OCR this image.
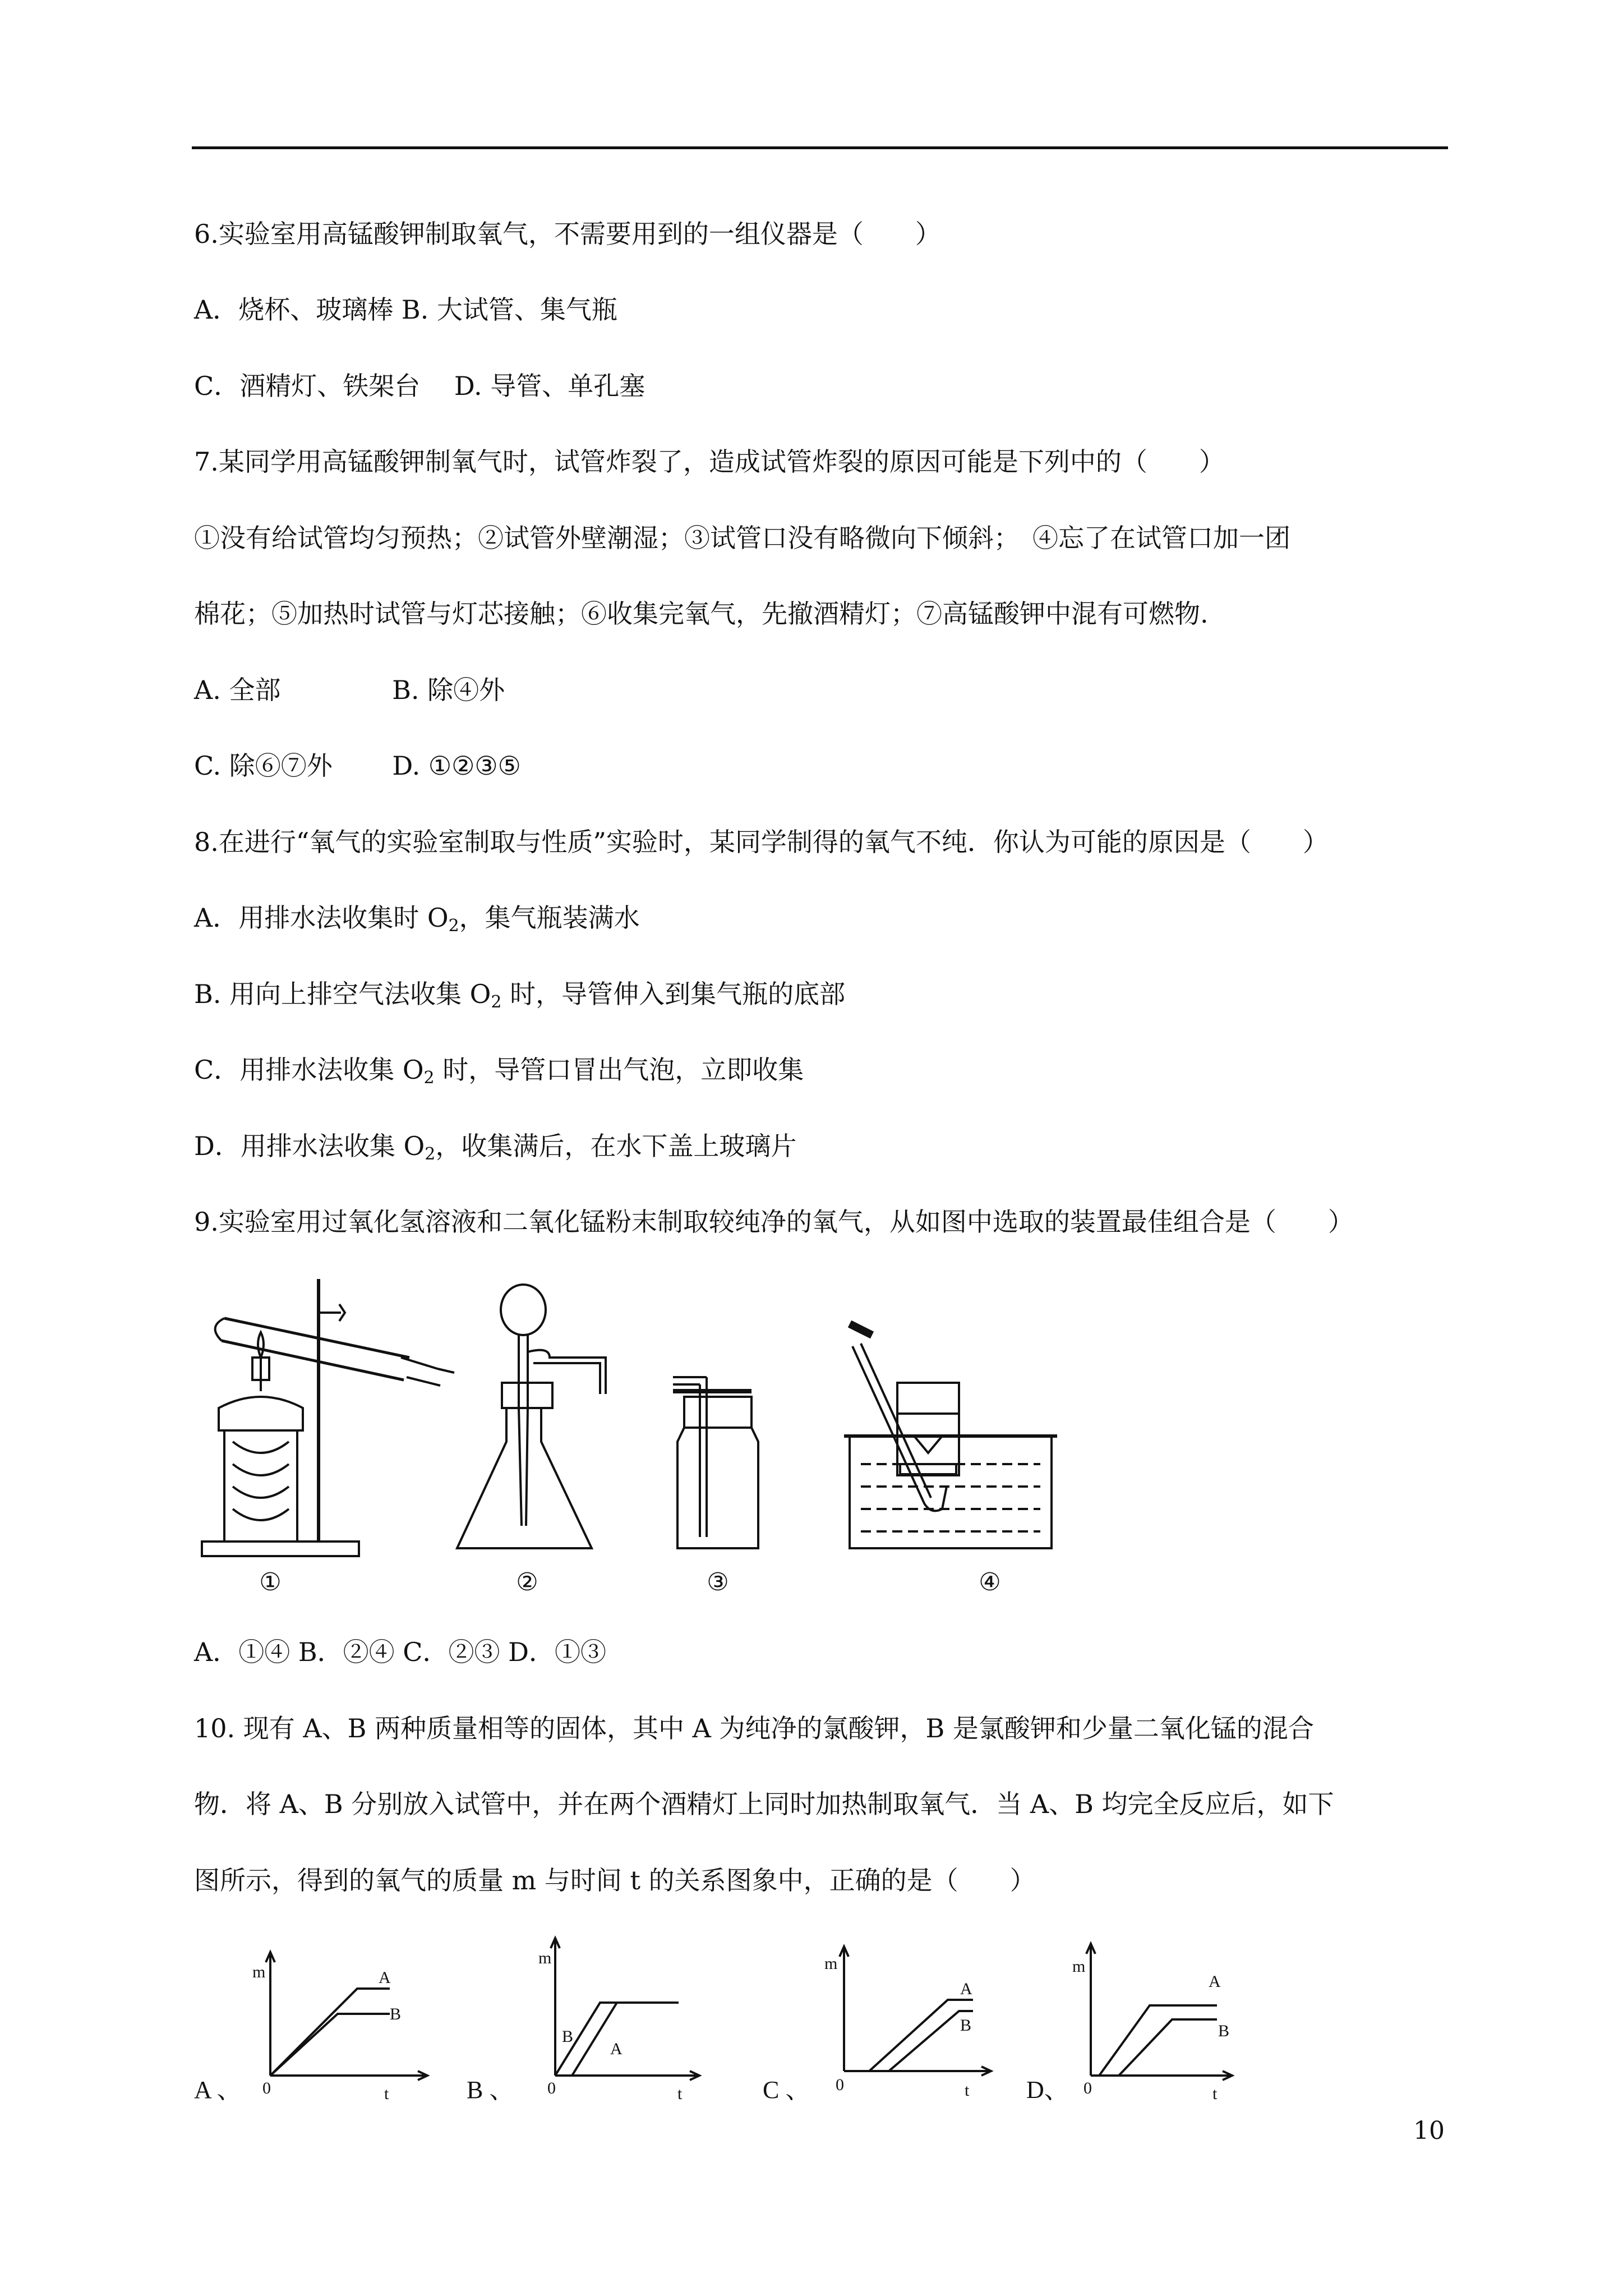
6.实验室用高锰酸钾制取氧气，不需要用到的一组仪器是（　　）
A．烧杯、玻璃棒 B. 大试管、集气瓶
C．酒精灯、铁架台　 D. 导管、单孔塞
7.某同学用高锰酸钾制氧气时，试管炸裂了，造成试管炸裂的原因可能是下列中的（　　）
①没有给试管均匀预热；②试管外壁潮湿；③试管口没有略微向下倾斜；　④忘了在试管口加一团
棉花；⑤加热时试管与灯芯接触；⑥收集完氧气，先撤酒精灯；⑦高锰酸钾中混有可燃物.
A. 全部　　　　 B. 除④外
C. 除⑥⑦外　　 D. ①②③⑤
8.在进行“氧气的实验室制取与性质”实验时，某同学制得的氧气不纯．你认为可能的原因是（　　）
A．用排水法收集时 $O_2$，集气瓶装满水
B. 用向上排空气法收集 $O_2$ 时，导管伸入到集气瓶的底部
C．用排水法收集 $O_2$ 时，导管口冒出气泡，立即收集
D．用排水法收集 $O_2$，收集满后，在水下盖上玻璃片
9.实验室用过氧化氢溶液和二氧化锰粉末制取较纯净的氧气，从如图中选取的装置最佳组合是（　　）
①	②	③	④
A．①④ B．②④ C．②③ D．①③
10. 现有 A、B 两种质量相等的固体，其中 A 为纯净的氯酸钾，B 是氯酸钾和少量二氧化锰的混合
物．将 A、B 分别放入试管中，并在两个酒精灯上同时加热制取氧气．当 A、B 均完全反应后，如下
图所示，得到的氧气的质量 m 与时间 t 的关系图象中，正确的是（　　）
m
0	t
A
B
m
0	t
B
A
m
0	t
A
B
m
0	t
A
B
A 、	B 、	C 、	D、
10
